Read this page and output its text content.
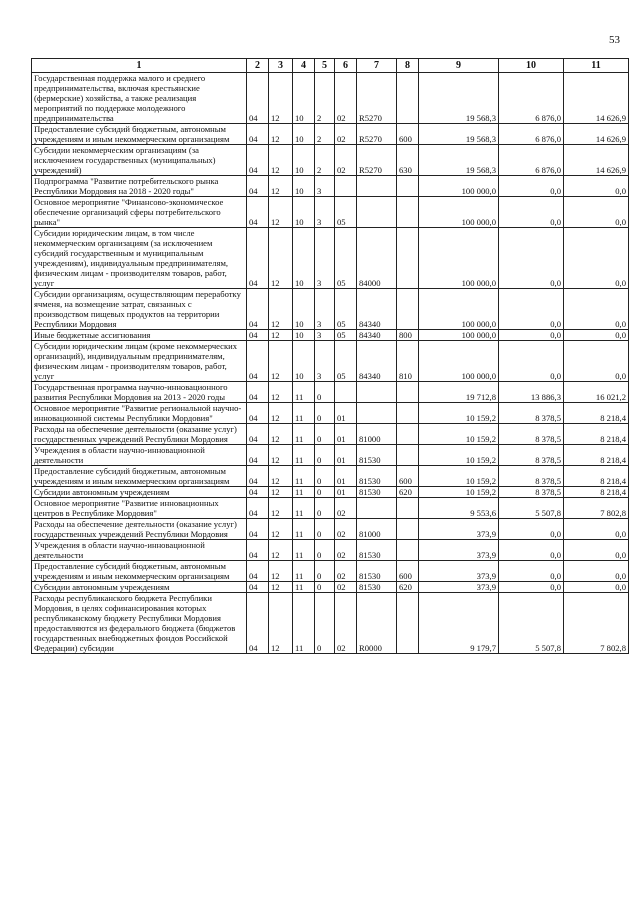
53
1	2	3	4	5	6	7	8	9	10	11
Государственная поддержка малого и среднего предпринимательства, включая крестьянские (фермерские) хозяйства, а также реализация мероприятий по поддержке молодежного предпринимательства	04	12	10	2	02	R5270		19 568,3	6 876,0	14 626,9
Предоставление субсидий бюджетным, автономным учреждениям и иным некоммерческим организациям	04	12	10	2	02	R5270	600	19 568,3	6 876,0	14 626,9
Субсидии некоммерческим организациям (за исключением государственных (муниципальных) учреждений)	04	12	10	2	02	R5270	630	19 568,3	6 876,0	14 626,9
Подпрограмма "Развитие потребительского рынка Республики Мордовия на 2018 - 2020 годы"	04	12	10	3				100 000,0	0,0	0,0
Основное мероприятие "Финансово-экономическое обеспечение организаций сферы потребительского рынка"	04	12	10	3	05			100 000,0	0,0	0,0
Субсидии юридическим лицам, в том числе некоммерческим организациям (за исключением субсидий государственным и муниципальным учреждениям), индивидуальным предпринимателям, физическим лицам - производителям товаров, работ, услуг	04	12	10	3	05	84000		100 000,0	0,0	0,0
Субсидии организациям, осуществляющим переработку ячменя, на возмещение затрат, связанных с производством пищевых продуктов на территории Республики Мордовия	04	12	10	3	05	84340		100 000,0	0,0	0,0
Иные бюджетные ассигнования	04	12	10	3	05	84340	800	100 000,0	0,0	0,0
Субсидии юридическим лицам (кроме некоммерческих организаций), индивидуальным предпринимателям, физическим лицам - производителям товаров, работ, услуг	04	12	10	3	05	84340	810	100 000,0	0,0	0,0
Государственная программа научно-инновационного развития Республики Мордовия на 2013 - 2020 годы	04	12	11	0				19 712,8	13 886,3	16 021,2
Основное мероприятие "Развитие региональной научно-инновационной системы Республики Мордовия"	04	12	11	0	01			10 159,2	8 378,5	8 218,4
Расходы на обеспечение деятельности (оказание услуг) государственных учреждений Республики Мордовия	04	12	11	0	01	81000		10 159,2	8 378,5	8 218,4
Учреждения в области научно-инновационной деятельности	04	12	11	0	01	81530		10 159,2	8 378,5	8 218,4
Предоставление субсидий бюджетным, автономным учреждениям и иным некоммерческим организациям	04	12	11	0	01	81530	600	10 159,2	8 378,5	8 218,4
Субсидии автономным учреждениям	04	12	11	0	01	81530	620	10 159,2	8 378,5	8 218,4
Основное мероприятие "Развитие инновационных центров в Республике Мордовия"	04	12	11	0	02			9 553,6	5 507,8	7 802,8
Расходы на обеспечение деятельности (оказание услуг) государственных учреждений Республики Мордовия	04	12	11	0	02	81000		373,9	0,0	0,0
Учреждения в области научно-инновационной деятельности	04	12	11	0	02	81530		373,9	0,0	0,0
Предоставление субсидий бюджетным, автономным учреждениям и иным некоммерческим организациям	04	12	11	0	02	81530	600	373,9	0,0	0,0
Субсидии автономным учреждениям	04	12	11	0	02	81530	620	373,9	0,0	0,0
Расходы республиканского бюджета Республики Мордовия, в целях софинансирования которых республиканскому бюджету Республики Мордовия предоставляются из федерального бюджета (бюджетов государственных внебюджетных фондов Российской Федерации) субсидии	04	12	11	0	02	R0000		9 179,7	5 507,8	7 802,8
